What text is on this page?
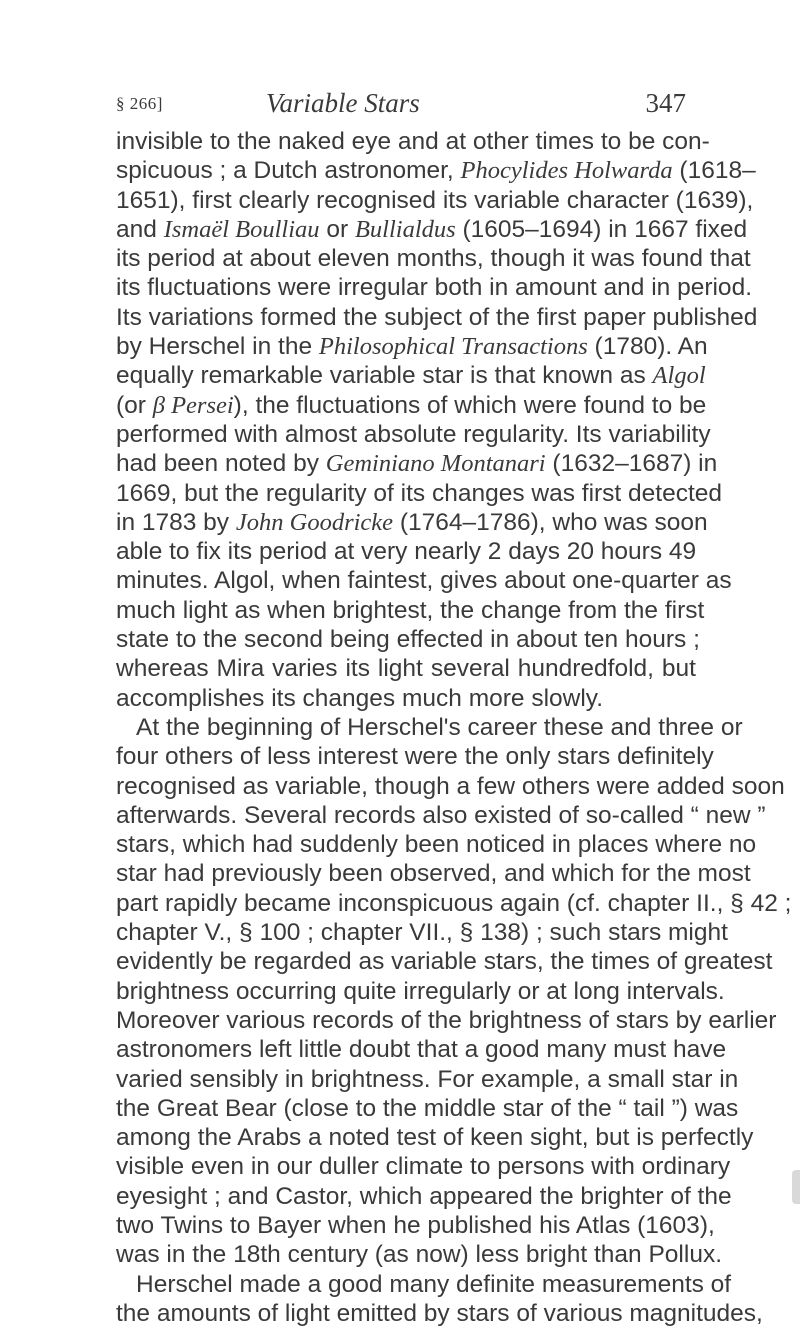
§ 266]	Variable Stars	347
invisible to the naked eye and at other times to be con-
spicuous ; a Dutch astronomer, Phocylides Holwarda (1618–
1651), first clearly recognised its variable character (1639),
and Ismaël Boulliau or Bullialdus (1605–1694) in 1667 fixed
its period at about eleven months, though it was found that
its fluctuations were irregular both in amount and in period.
Its variations formed the subject of the first paper published
by Herschel in the Philosophical Transactions (1780). An
equally remarkable variable star is that known as Algol
(or β Persei), the fluctuations of which were found to be
performed with almost absolute regularity. Its variability
had been noted by Geminiano Montanari (1632–1687) in
1669, but the regularity of its changes was first detected
in 1783 by John Goodricke (1764–1786), who was soon
able to fix its period at very nearly 2 days 20 hours 49
minutes. Algol, when faintest, gives about one-quarter as
much light as when brightest, the change from the first
state to the second being effected in about ten hours ;
whereas Mira varies its light several hundredfold, but
accomplishes its changes much more slowly.
At the beginning of Herschel's career these and three or
four others of less interest were the only stars definitely
recognised as variable, though a few others were added soon
afterwards. Several records also existed of so-called “ new ”
stars, which had suddenly been noticed in places where no
star had previously been observed, and which for the most
part rapidly became inconspicuous again (cf. chapter II., § 42 ;
chapter V., § 100 ; chapter VII., § 138) ; such stars might
evidently be regarded as variable stars, the times of greatest
brightness occurring quite irregularly or at long intervals.
Moreover various records of the brightness of stars by earlier
astronomers left little doubt that a good many must have
varied sensibly in brightness. For example, a small star in
the Great Bear (close to the middle star of the “ tail ”) was
among the Arabs a noted test of keen sight, but is perfectly
visible even in our duller climate to persons with ordinary
eyesight ; and Castor, which appeared the brighter of the
two Twins to Bayer when he published his Atlas (1603),
was in the 18th century (as now) less bright than Pollux.
Herschel made a good many definite measurements of
the amounts of light emitted by stars of various magnitudes,
